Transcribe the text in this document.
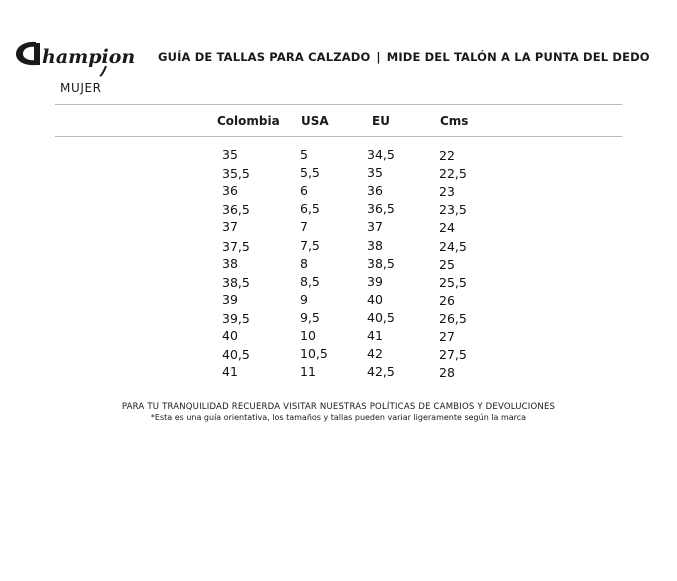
hampion GUÍA DE TALLAS PARA CALZADO | MIDE DEL TALÓN A LA PUNTA DEL DEDO
MUJER
Colombia USA	EU	Cms
35	5	34,5	22
35,5	5,5	35	22,5
36	6	36	23
36,5	6,5	36,5	23,5
37	7	37	24
37,5	7,5	38	24,5
38	8	38,5	25
38,5	8,5	39	25,5
39	9	40	26
39,5	9,5	40,5	26,5
40	10	41	27
40,5	10,5	42	27,5
41	11	42,5	28
PARA TU TRANQUILIDAD RECUERDA VISITAR NUESTRAS POLÍTICAS DE CAMBIOS Y DEVOLUCIONES
*Esta es una guía orientativa, los tamaños y tallas pueden variar ligeramente según la marca
